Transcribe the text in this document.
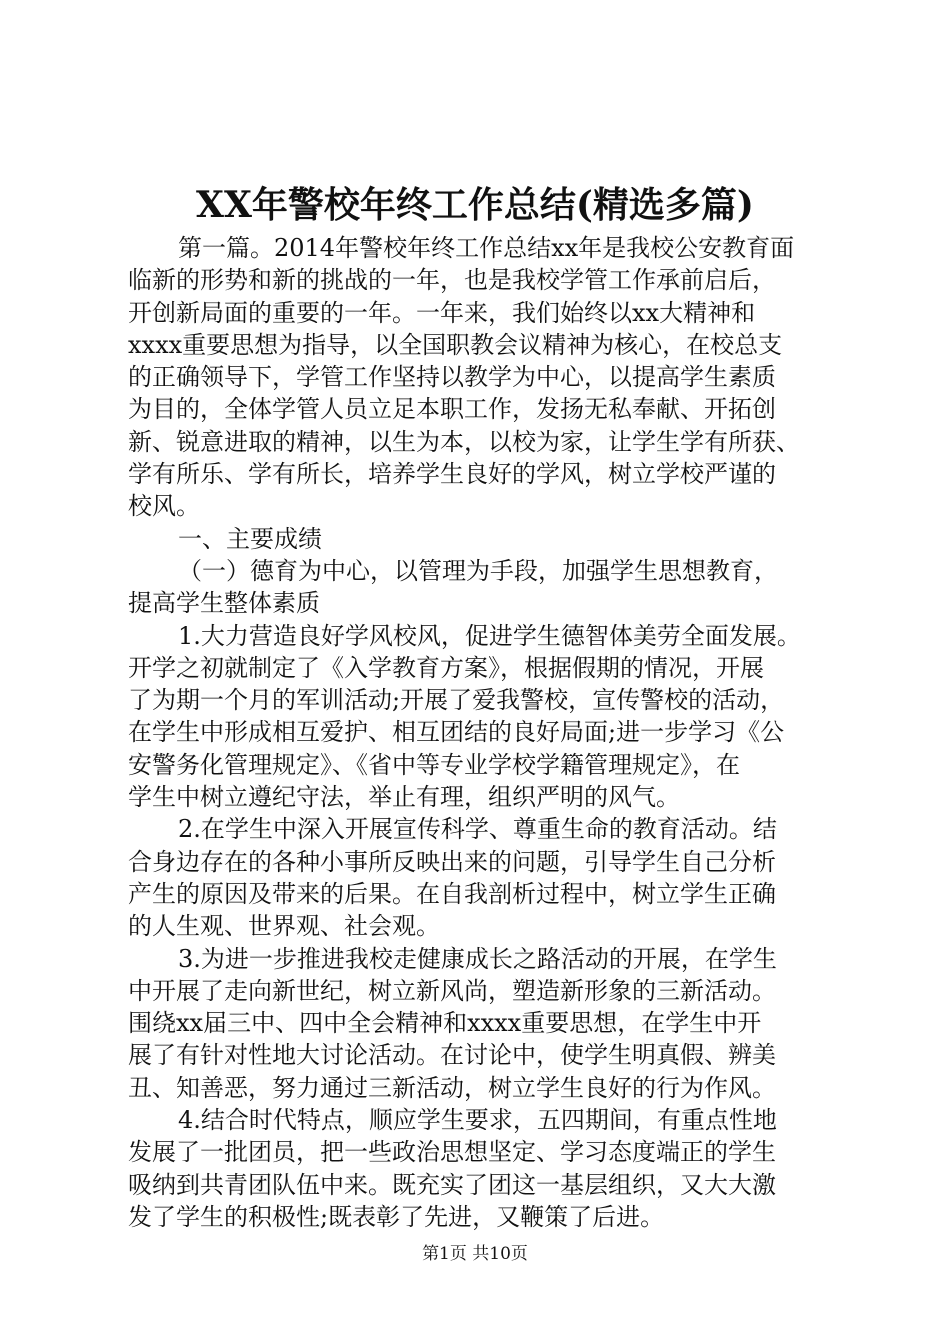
XX年警校年终工作总结(精选多篇)
第一篇。2014年警校年终工作总结xx年是我校公安教育面
临新的形势和新的挑战的一年，也是我校学管工作承前启后，
开创新局面的重要的一年。一年来，我们始终以xx大精神和
xxxx重要思想为指导，以全国职教会议精神为核心，在校总支
的正确领导下，学管工作坚持以教学为中心，以提高学生素质
为目的，全体学管人员立足本职工作，发扬无私奉献、开拓创
新、锐意进取的精神，以生为本，以校为家，让学生学有所获、
学有所乐、学有所长，培养学生良好的学风，树立学校严谨的
校风。
一、主要成绩
（一）德育为中心，以管理为手段，加强学生思想教育，
提高学生整体素质
1.大力营造良好学风校风，促进学生德智体美劳全面发展。
开学之初就制定了《入学教育方案》，根据假期的情况，开展
了为期一个月的军训活动;开展了爱我警校，宣传警校的活动，
在学生中形成相互爱护、相互团结的良好局面;进一步学习《公
安警务化管理规定》、《省中等专业学校学籍管理规定》，在
学生中树立遵纪守法，举止有理，组织严明的风气。
2.在学生中深入开展宣传科学、尊重生命的教育活动。结
合身边存在的各种小事所反映出来的问题，引导学生自己分析
产生的原因及带来的后果。在自我剖析过程中，树立学生正确
的人生观、世界观、社会观。
3.为进一步推进我校走健康成长之路活动的开展，在学生
中开展了走向新世纪，树立新风尚，塑造新形象的三新活动。
围绕xx届三中、四中全会精神和xxxx重要思想，在学生中开
展了有针对性地大讨论活动。在讨论中，使学生明真假、辨美
丑、知善恶，努力通过三新活动，树立学生良好的行为作风。
4.结合时代特点，顺应学生要求，五四期间，有重点性地
发展了一批团员，把一些政治思想坚定、学习态度端正的学生
吸纳到共青团队伍中来。既充实了团这一基层组织，又大大激
发了学生的积极性;既表彰了先进，又鞭策了后进。
第1页 共10页
